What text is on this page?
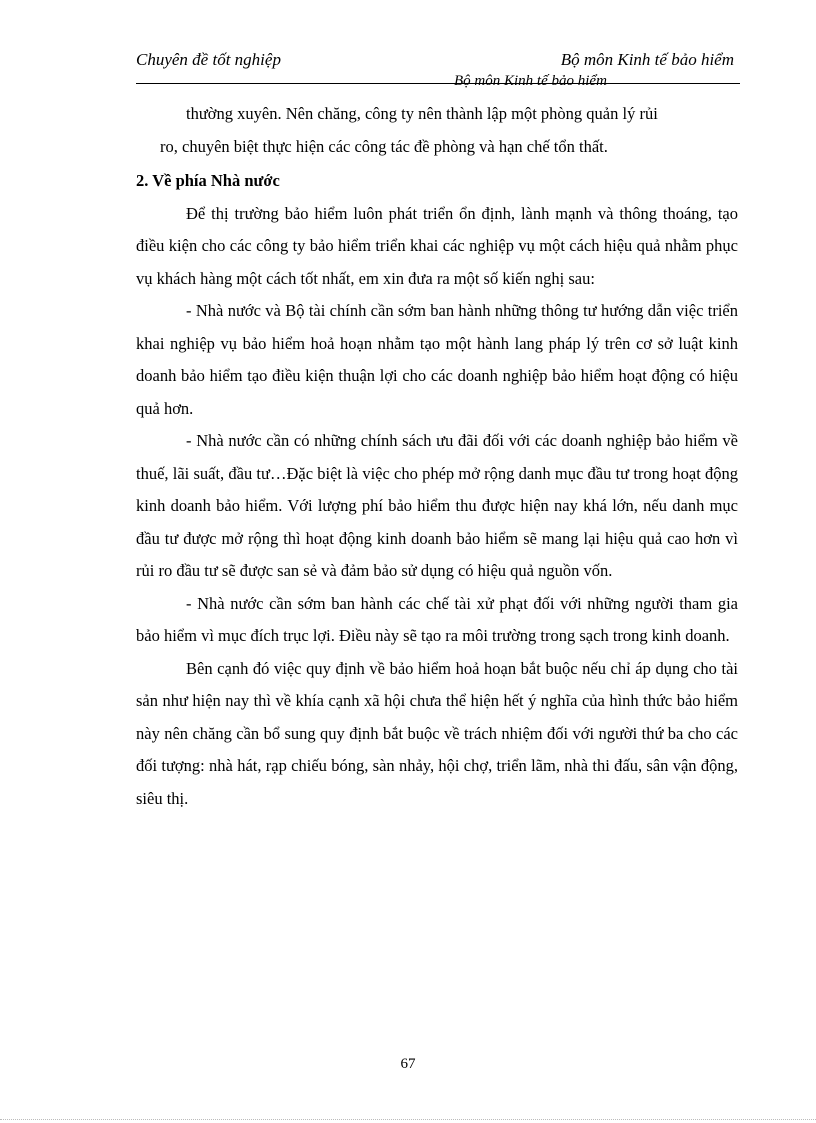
Chuyên đề tốt nghiệp	Bộ môn Kinh tế bảo hiểm
Bộ môn Kinh tế bảo hiểm

thường xuyên. Nên chăng, công ty nên thành lập một phòng quản lý rủi

ro, chuyên biệt thực hiện các công tác đề phòng và hạn chế tổn thất.

2. Về phía Nhà nước

Để thị trường bảo hiểm luôn phát triển ổn định, lành mạnh và thông thoáng, tạo điều kiện cho các công ty bảo hiểm triển khai các nghiệp vụ một cách hiệu quả nhằm phục vụ khách hàng một cách tốt nhất, em xin đưa ra một số kiến nghị sau:

- Nhà nước và Bộ tài chính cần sớm ban hành những thông tư hướng dẫn việc triển khai nghiệp vụ bảo hiểm hoả hoạn nhằm tạo một hành lang pháp lý trên cơ sở luật kinh doanh bảo hiểm tạo điều kiện thuận lợi cho các doanh nghiệp bảo hiểm hoạt động có hiệu quả hơn.

- Nhà nước cần có những chính sách ưu đãi đối với các doanh nghiệp bảo hiểm về thuế, lãi suất, đầu tư…Đặc biệt là việc cho phép mở rộng danh mục đầu tư trong hoạt động kinh doanh bảo hiểm. Với lượng phí bảo hiểm thu được hiện nay khá lớn, nếu danh mục đầu tư được mở rộng thì hoạt động kinh doanh bảo hiểm sẽ mang lại hiệu quả cao hơn vì rủi ro đầu tư sẽ được san sẻ và đảm bảo sử dụng có hiệu quả nguồn vốn.

- Nhà nước cần sớm ban hành các chế tài xử phạt đối với những người tham gia bảo hiểm vì mục đích trục lợi. Điều này sẽ tạo ra môi trường trong sạch trong kinh doanh.

Bên cạnh đó việc quy định về bảo hiểm hoả hoạn bắt buộc nếu chỉ áp dụng cho tài sản như hiện nay thì về khía cạnh xã hội chưa thể hiện hết ý nghĩa của hình thức bảo hiểm này nên chăng cần bổ sung quy định bắt buộc về trách nhiệm đối với người thứ ba cho các đối tượng: nhà hát, rạp chiếu bóng, sàn nhảy, hội chợ, triển lãm, nhà thi đấu, sân vận động, siêu thị.

67
